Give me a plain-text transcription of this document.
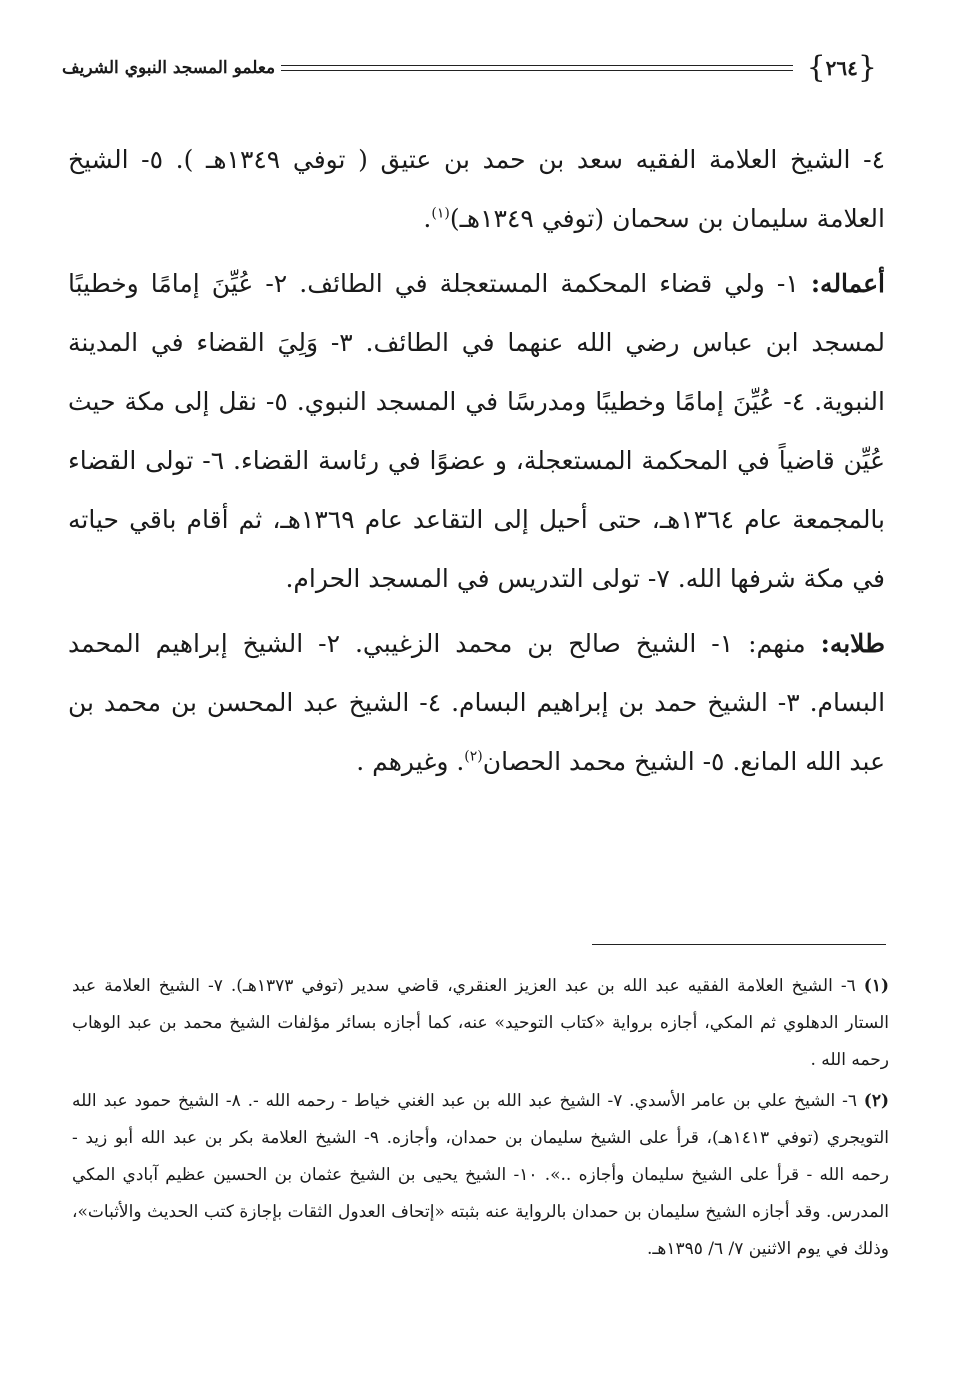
{
٢٦٤
}
معلمو المسجد النبوي الشريف

٤- الشيخ العلامة الفقيه سعد بن حمد بن عتيق ( توفي ١٣٤٩هـ ). ٥- الشيخ العلامة سليمان بن سحمان (توفي ١٣٤٩هـ)$^{(١)}$.

أعماله: ١- ولي قضاء المحكمة المستعجلة في الطائف. ٢- عُيِّنَ إمامًا وخطيبًا لمسجد ابن عباس رضي الله عنهما في الطائف. ٣- وَلِيَ القضاء في المدينة النبوية. ٤- عُيِّنَ إمامًا وخطيبًا ومدرسًا في المسجد النبوي. ٥- نقل إلى مكة حيث عُيِّن قاضياً في المحكمة المستعجلة، و عضوًا في رئاسة القضاء. ٦- تولى القضاء بالمجمعة عام ١٣٦٤هـ، حتى أحيل إلى التقاعد عام ١٣٦٩هـ، ثم أقام باقي حياته في مكة شرفها الله. ٧- تولى التدريس في المسجد الحرام.

طلابه: منهم: ١- الشيخ صالح بن محمد الزغيبي. ٢- الشيخ إبراهيم المحمد البسام. ٣- الشيخ حمد بن إبراهيم البسام. ٤- الشيخ عبد المحسن بن محمد بن عبد الله المانع. ٥- الشيخ محمد الحصان$^{(٢)}$. وغيرهم .

(١) ٦- الشيخ العلامة الفقيه عبد الله بن عبد العزيز العنقري، قاضي سدير (توفي ١٣٧٣هـ). ٧- الشيخ العلامة عبد الستار الدهلوي ثم المكي، أجازه برواية «كتاب التوحيد» عنه، كما أجازه بسائر مؤلفات الشيخ محمد بن عبد الوهاب رحمه الله .

(٢) ٦- الشيخ علي بن عامر الأسدي. ٧- الشيخ عبد الله بن عبد الغني خياط - رحمه الله -. ٨- الشيخ حمود عبد الله التويجري (توفي ١٤١٣هـ)، قرأ على الشيخ سليمان بن حمدان، وأجازه. ٩- الشيخ العلامة بكر بن عبد الله أبو زيد - رحمه الله - قرأ على الشيخ سليمان وأجازه ..». ١٠- الشيخ يحيى بن الشيخ عثمان بن الحسين عظيم آبادي المكي المدرس. وقد أجازه الشيخ سليمان بن حمدان بالرواية عنه بثبته «إتحاف العدول الثقات بإجازة كتب الحديث والأثبات»، وذلك في يوم الاثنين ٧/ ٦/ ١٣٩٥هـ.
